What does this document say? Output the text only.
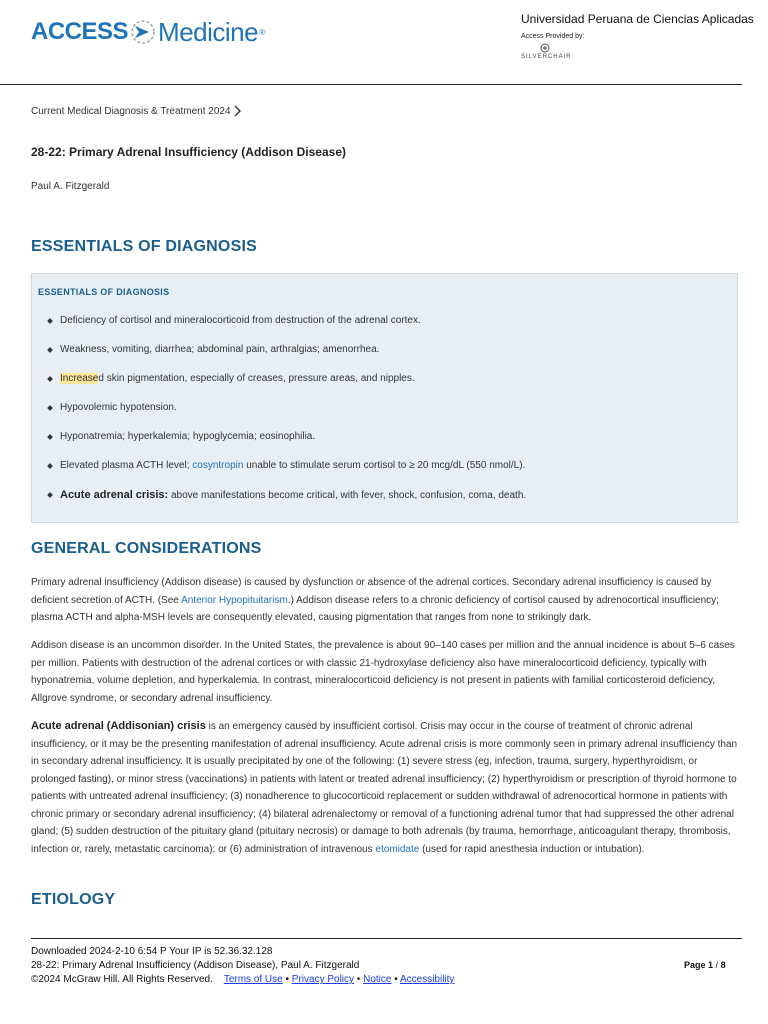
ACCESS Medicine ®
Universidad Peruana de Ciencias Aplicadas
Access Provided by:
SILVERCHAIR
Current Medical Diagnosis & Treatment 2024
28-22: Primary Adrenal Insufficiency (Addison Disease)
Paul A. Fitzgerald
ESSENTIALS OF DIAGNOSIS
ESSENTIALS OF DIAGNOSIS
Deficiency of cortisol and mineralocorticoid from destruction of the adrenal cortex.
Weakness, vomiting, diarrhea; abdominal pain, arthralgias; amenorrhea.
Increased skin pigmentation, especially of creases, pressure areas, and nipples.
Hypovolemic hypotension.
Hyponatremia; hyperkalemia; hypoglycemia; eosinophilia.
Elevated plasma ACTH level; cosyntropin unable to stimulate serum cortisol to ≥ 20 mcg/dL (550 nmol/L).
Acute adrenal crisis: above manifestations become critical, with fever, shock, confusion, coma, death.
GENERAL CONSIDERATIONS

Primary adrenal insufficiency (Addison disease) is caused by dysfunction or absence of the adrenal cortices. Secondary adrenal insufficiency is caused by deficient secretion of ACTH. (See Anterior Hypopituitarism.) Addison disease refers to a chronic deficiency of cortisol caused by adrenocortical insufficiency; plasma ACTH and alpha-MSH levels are consequently elevated, causing pigmentation that ranges from none to strikingly dark.

Addison disease is an uncommon disorder. In the United States, the prevalence is about 90–140 cases per million and the annual incidence is about 5–6 cases per million. Patients with destruction of the adrenal cortices or with classic 21-hydroxylase deficiency also have mineralocorticoid deficiency, typically with hyponatremia, volume depletion, and hyperkalemia. In contrast, mineralocorticoid deficiency is not present in patients with familial corticosteroid deficiency, Allgrove syndrome, or secondary adrenal insufficiency.

Acute adrenal (Addisonian) crisis is an emergency caused by insufficient cortisol. Crisis may occur in the course of treatment of chronic adrenal insufficiency, or it may be the presenting manifestation of adrenal insufficiency. Acute adrenal crisis is more commonly seen in primary adrenal insufficiency than in secondary adrenal insufficiency. It is usually precipitated by one of the following: (1) severe stress (eg, infection, trauma, surgery, hyperthyroidism, or prolonged fasting), or minor stress (vaccinations) in patients with latent or treated adrenal insufficiency; (2) hyperthyroidism or prescription of thyroid hormone to patients with untreated adrenal insufficiency; (3) nonadherence to glucocorticoid replacement or sudden withdrawal of adrenocortical hormone in patients with chronic primary or secondary adrenal insufficiency; (4) bilateral adrenalectomy or removal of a functioning adrenal tumor that had suppressed the other adrenal gland; (5) sudden destruction of the pituitary gland (pituitary necrosis) or damage to both adrenals (by trauma, hemorrhage, anticoagulant therapy, thrombosis, infection or, rarely, metastatic carcinoma); or (6) administration of intravenous etomidate (used for rapid anesthesia induction or intubation).

ETIOLOGY
Downloaded 2024-2-10 6:54 P Your IP is 52.36.32.128
28-22: Primary Adrenal Insufficiency (Addison Disease), Paul A. Fitzgerald
©2024 McGraw Hill. All Rights Reserved. Terms of Use • Privacy Policy • Notice • Accessibility
Page 1 / 8
